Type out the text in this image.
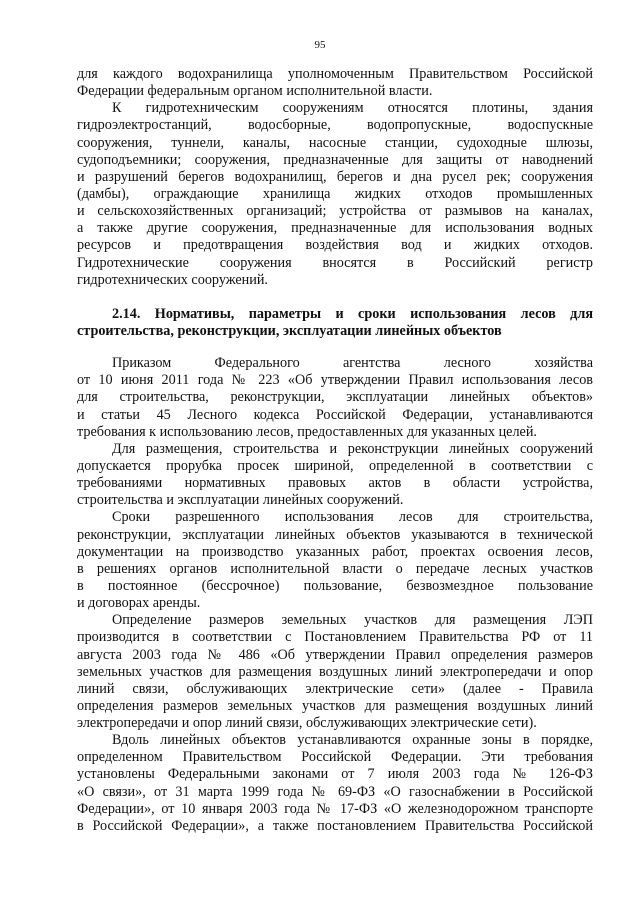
95
для каждого водохранилища уполномоченным Правительством Российской
Федерации федеральным органом исполнительной власти.
К гидротехническим сооружениям относятся плотины, здания
гидроэлектростанций, водосборные, водопропускные, водоспускные
сооружения, туннели, каналы, насосные станции, судоходные шлюзы,
судоподъемники; сооружения, предназначенные для защиты от наводнений
и разрушений берегов водохранилищ, берегов и дна русел рек; сооружения
(дамбы), ограждающие хранилища жидких отходов промышленных
и сельскохозяйственных организаций; устройства от размывов на каналах,
а также другие сооружения, предназначенные для использования водных
ресурсов и предотвращения воздействия вод и жидких отходов.
Гидротехнические сооружения вносятся в Российский регистр
гидротехнических сооружений.
2.14. Нормативы, параметры и сроки использования лесов для
строительства, реконструкции, эксплуатации линейных объектов
Приказом Федерального агентства лесного хозяйства
от 10 июня 2011 года № 223 «Об утверждении Правил использования лесов
для строительства, реконструкции, эксплуатации линейных объектов»
и статьи 45 Лесного кодекса Российской Федерации, устанавливаются
требования к использованию лесов, предоставленных для указанных целей.
Для размещения, строительства и реконструкции линейных сооружений
допускается прорубка просек шириной, определенной в соответствии с
требованиями нормативных правовых актов в области устройства,
строительства и эксплуатации линейных сооружений.
Сроки разрешенного использования лесов для строительства,
реконструкции, эксплуатации линейных объектов указываются в технической
документации на производство указанных работ, проектах освоения лесов,
в решениях органов исполнительной власти о передаче лесных участков
в постоянное (бессрочное) пользование, безвозмездное пользование
и договорах аренды.
Определение размеров земельных участков для размещения ЛЭП
производится в соответствии с Постановлением Правительства РФ от 11
августа 2003 года № 486 «Об утверждении Правил определения размеров
земельных участков для размещения воздушных линий электропередачи и опор
линий связи, обслуживающих электрические сети» (далее - Правила
определения размеров земельных участков для размещения воздушных линий
электропередачи и опор линий связи, обслуживающих электрические сети).
Вдоль линейных объектов устанавливаются охранные зоны в порядке,
определенном Правительством Российской Федерации. Эти требования
установлены Федеральными законами от 7 июля 2003 года № 126-ФЗ
«О связи», от 31 марта 1999 года № 69-ФЗ «О газоснабжении в Российской
Федерации», от 10 января 2003 года № 17-ФЗ «О железнодорожном транспорте
в Российской Федерации», а также постановлением Правительства Российской
